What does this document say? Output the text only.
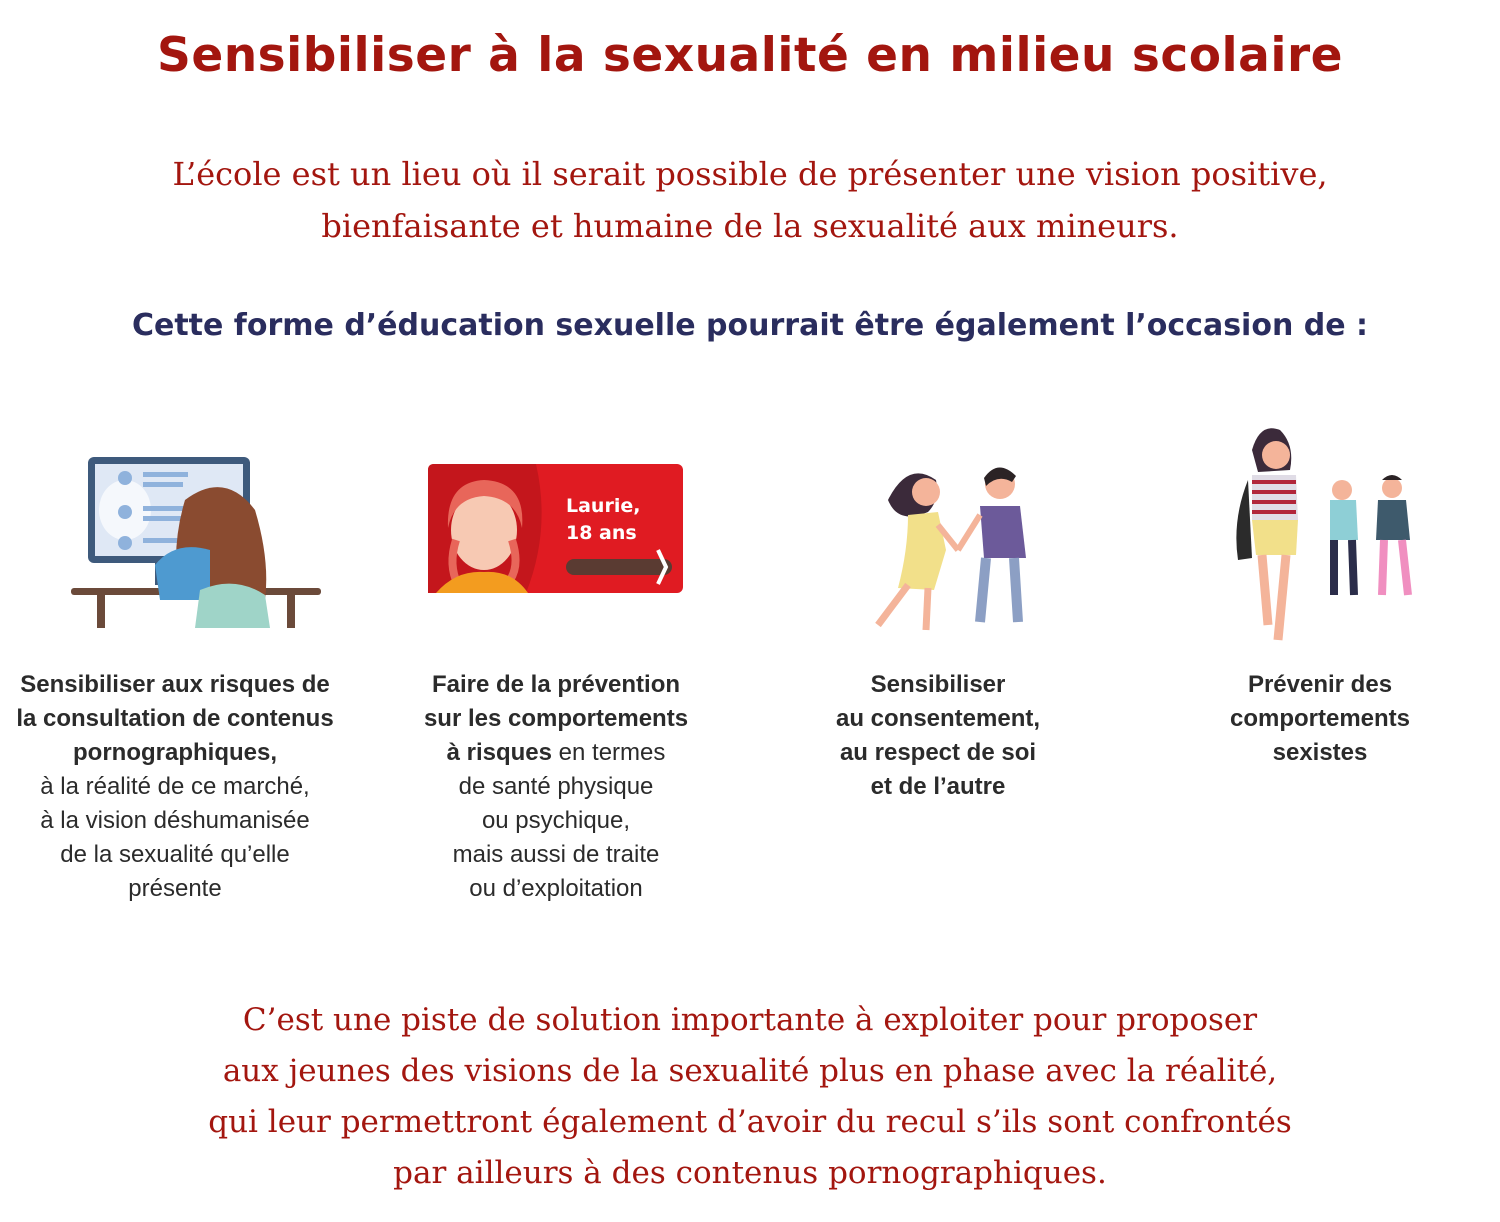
Sensibiliser à la sexualité en milieu scolaire
L’école est un lieu où il serait possible de présenter une vision positive,
bienfaisante et humaine de la sexualité aux mineurs.
Cette forme d’éducation sexuelle pourrait être également l’occasion de :
Sensibiliser aux risques de
la consultation de contenus
pornographiques,
à la réalité de ce marché,
à la vision déshumanisée
de la sexualité qu’elle
présente
Laurie,
18 ans
Faire de la prévention
sur les comportements
à risques en termes
de santé physique
ou psychique,
mais aussi de traite
ou d’exploitation
Sensibiliser
au consentement,
au respect de soi
et de l’autre
Prévenir des
comportements
sexistes
C’est une piste de solution importante à exploiter pour proposer
aux jeunes des visions de la sexualité plus en phase avec la réalité,
qui leur permettront également d’avoir du recul s’ils sont confrontés
par ailleurs à des contenus pornographiques.
